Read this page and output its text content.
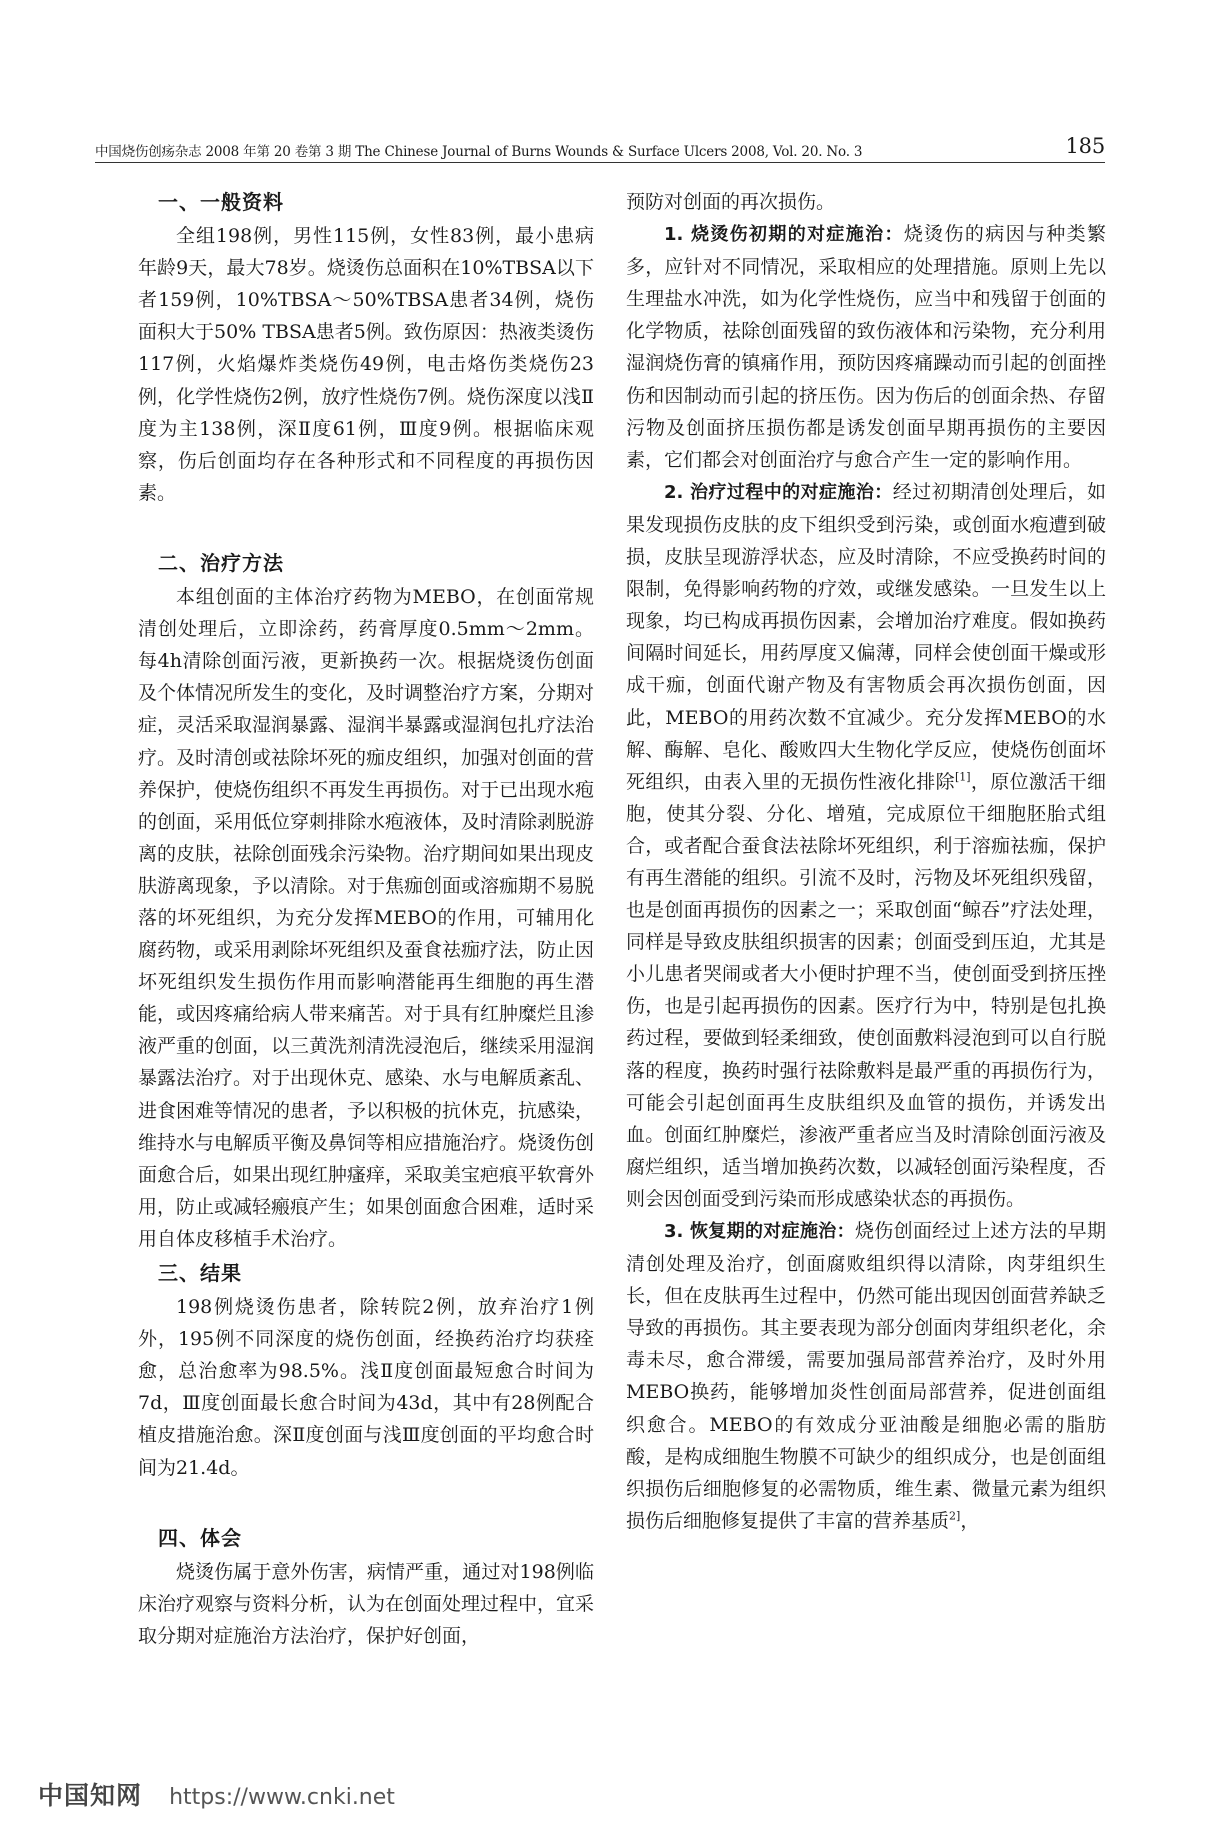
中国烧伤创疡杂志 2008 年第 20 卷第 3 期 The Chinese Journal of Burns Wounds & Surface Ulcers 2008, Vol. 20. No. 3	185
一、一般资料

全组198例，男性115例，女性83例，最小患病年龄9天，最大78岁。烧烫伤总面积在10%TBSA以下者159例，10%TBSA～50%TBSA患者34例，烧伤面积大于50% TBSA患者5例。致伤原因：热液类烫伤117例，火焰爆炸类烧伤49例，电击烙伤类烧伤23例，化学性烧伤2例，放疗性烧伤7例。烧伤深度以浅Ⅱ度为主138例，深Ⅱ度61例，Ⅲ度9例。根据临床观察，伤后创面均存在各种形式和不同程度的再损伤因素。

二、治疗方法

本组创面的主体治疗药物为MEBO，在创面常规清创处理后，立即涂药，药膏厚度0.5mm～2mm。每4h清除创面污液，更新换药一次。根据烧烫伤创面及个体情况所发生的变化，及时调整治疗方案，分期对症，灵活采取湿润暴露、湿润半暴露或湿润包扎疗法治疗。及时清创或祛除坏死的痂皮组织，加强对创面的营养保护，使烧伤组织不再发生再损伤。对于已出现水疱的创面，采用低位穿刺排除水疱液体，及时清除剥脱游离的皮肤，祛除创面残余污染物。治疗期间如果出现皮肤游离现象，予以清除。对于焦痂创面或溶痂期不易脱落的坏死组织，为充分发挥MEBO的作用，可辅用化腐药物，或采用剥除坏死组织及蚕食祛痂疗法，防止因坏死组织发生损伤作用而影响潜能再生细胞的再生潜能，或因疼痛给病人带来痛苦。对于具有红肿糜烂且渗液严重的创面，以三黄洗剂清洗浸泡后，继续采用湿润暴露法治疗。对于出现休克、感染、水与电解质紊乱、进食困难等情况的患者，予以积极的抗休克，抗感染，维持水与电解质平衡及鼻饲等相应措施治疗。烧烫伤创面愈合后，如果出现红肿瘙痒，采取美宝疤痕平软膏外用，防止或减轻瘢痕产生；如果创面愈合困难，适时采用自体皮移植手术治疗。

三、结果

198例烧烫伤患者，除转院2例，放弃治疗1例外，195例不同深度的烧伤创面，经换药治疗均获痊愈，总治愈率为98.5%。浅Ⅱ度创面最短愈合时间为7d，Ⅲ度创面最长愈合时间为43d，其中有28例配合植皮措施治愈。深Ⅱ度创面与浅Ⅲ度创面的平均愈合时间为21.4d。

四、体会

烧烫伤属于意外伤害，病情严重，通过对198例临床治疗观察与资料分析，认为在创面处理过程中，宜采取分期对症施治方法治疗，保护好创面，

预防对创面的再次损伤。

1. 烧烫伤初期的对症施治：烧烫伤的病因与种类繁多，应针对不同情况，采取相应的处理措施。原则上先以生理盐水冲洗，如为化学性烧伤，应当中和残留于创面的化学物质，祛除创面残留的致伤液体和污染物，充分利用湿润烧伤膏的镇痛作用，预防因疼痛躁动而引起的创面挫伤和因制动而引起的挤压伤。因为伤后的创面余热、存留污物及创面挤压损伤都是诱发创面早期再损伤的主要因素，它们都会对创面治疗与愈合产生一定的影响作用。

2. 治疗过程中的对症施治：经过初期清创处理后，如果发现损伤皮肤的皮下组织受到污染，或创面水疱遭到破损，皮肤呈现游浮状态，应及时清除，不应受换药时间的限制，免得影响药物的疗效，或继发感染。一旦发生以上现象，均已构成再损伤因素，会增加治疗难度。假如换药间隔时间延长，用药厚度又偏薄，同样会使创面干燥或形成干痂，创面代谢产物及有害物质会再次损伤创面，因此，MEBO的用药次数不宜减少。充分发挥MEBO的水解、酶解、皂化、酸败四大生物化学反应，使烧伤创面坏死组织，由表入里的无损伤性液化排除[1]，原位激活干细胞，使其分裂、分化、增殖，完成原位干细胞胚胎式组合，或者配合蚕食法祛除坏死组织，利于溶痂祛痂，保护有再生潜能的组织。引流不及时，污物及坏死组织残留，也是创面再损伤的因素之一；采取创面“鲸吞”疗法处理，同样是导致皮肤组织损害的因素；创面受到压迫，尤其是小儿患者哭闹或者大小便时护理不当，使创面受到挤压挫伤，也是引起再损伤的因素。医疗行为中，特别是包扎换药过程，要做到轻柔细致，使创面敷料浸泡到可以自行脱落的程度，换药时强行祛除敷料是最严重的再损伤行为，可能会引起创面再生皮肤组织及血管的损伤，并诱发出血。创面红肿糜烂，渗液严重者应当及时清除创面污液及腐烂组织，适当增加换药次数，以减轻创面污染程度，否则会因创面受到污染而形成感染状态的再损伤。

3. 恢复期的对症施治：烧伤创面经过上述方法的早期清创处理及治疗，创面腐败组织得以清除，肉芽组织生长，但在皮肤再生过程中，仍然可能出现因创面营养缺乏导致的再损伤。其主要表现为部分创面肉芽组织老化，余毒未尽，愈合滞缓，需要加强局部营养治疗，及时外用MEBO换药，能够增加炎性创面局部营养，促进创面组织愈合。MEBO的有效成分亚油酸是细胞必需的脂肪酸，是构成细胞生物膜不可缺少的组织成分，也是创面组织损伤后细胞修复的必需物质，维生素、微量元素为组织损伤后细胞修复提供了丰富的营养基质$^{2]}$，

中国知网 https://www.cnki.net
